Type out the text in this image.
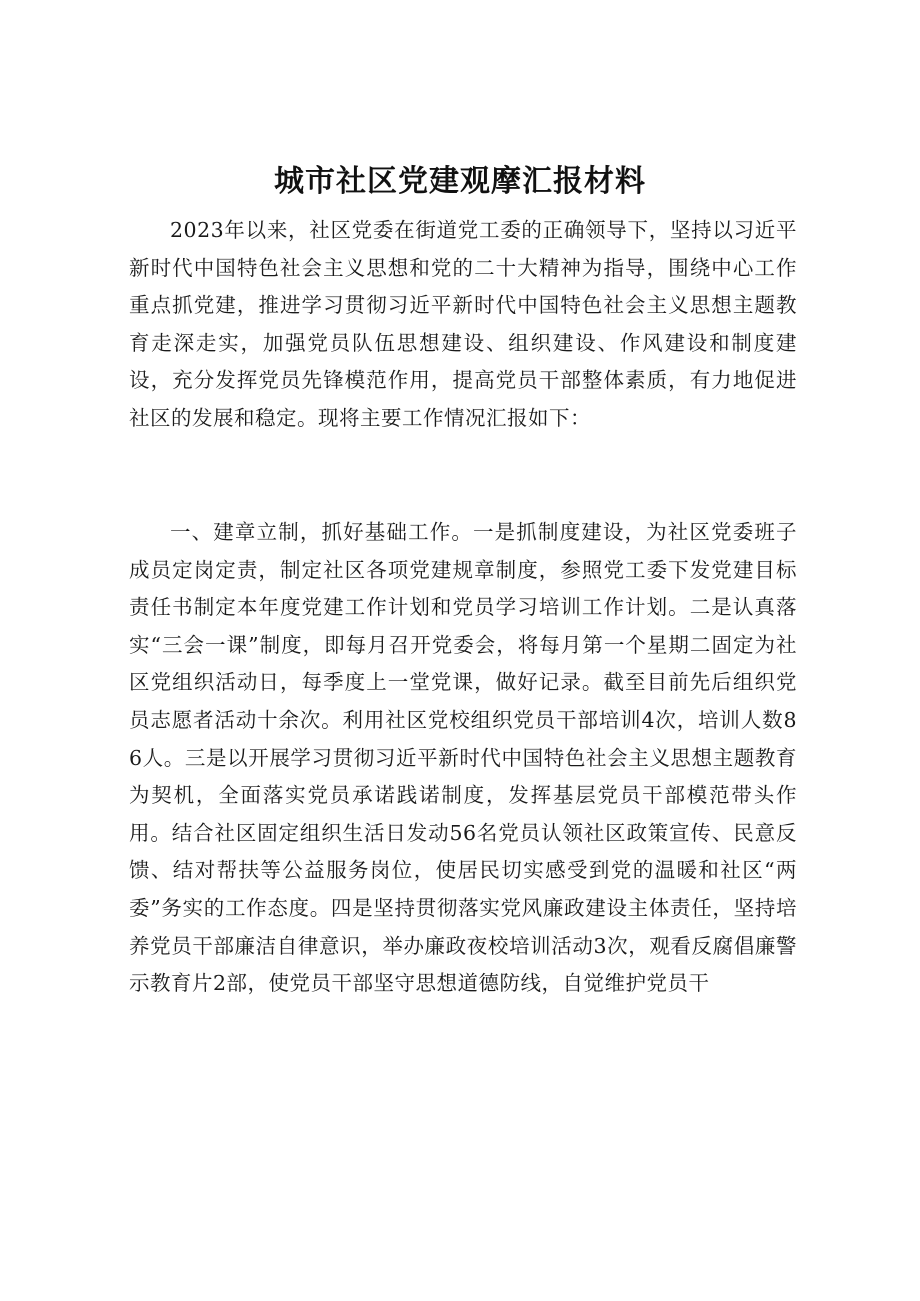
城市社区党建观摩汇报材料

2023年以来，社区党委在街道党工委的正确领导下，坚持以习近平新时代中国特色社会主义思想和党的二十大精神为指导，围绕中心工作重点抓党建，推进学习贯彻习近平新时代中国特色社会主义思想主题教育走深走实，加强党员队伍思想建设、组织建设、作风建设和制度建设，充分发挥党员先锋模范作用，提高党员干部整体素质，有力地促进社区的发展和稳定。现将主要工作情况汇报如下：

一、建章立制，抓好基础工作。一是抓制度建设，为社区党委班子成员定岗定责，制定社区各项党建规章制度，参照党工委下发党建目标责任书制定本年度党建工作计划和党员学习培训工作计划。二是认真落实“三会一课”制度，即每月召开党委会，将每月第一个星期二固定为社区党组织活动日，每季度上一堂党课，做好记录。截至目前先后组织党员志愿者活动十余次。利用社区党校组织党员干部培训4次，培训人数86人。三是以开展学习贯彻习近平新时代中国特色社会主义思想主题教育为契机，全面落实党员承诺践诺制度，发挥基层党员干部模范带头作用。结合社区固定组织生活日发动56名党员认领社区政策宣传、民意反馈、结对帮扶等公益服务岗位，使居民切实感受到党的温暖和社区“两委”务实的工作态度。四是坚持贯彻落实党风廉政建设主体责任，坚持培养党员干部廉洁自律意识，举办廉政夜校培训活动3次，观看反腐倡廉警示教育片2部，使党员干部坚守思想道德防线，自觉维护党员干
